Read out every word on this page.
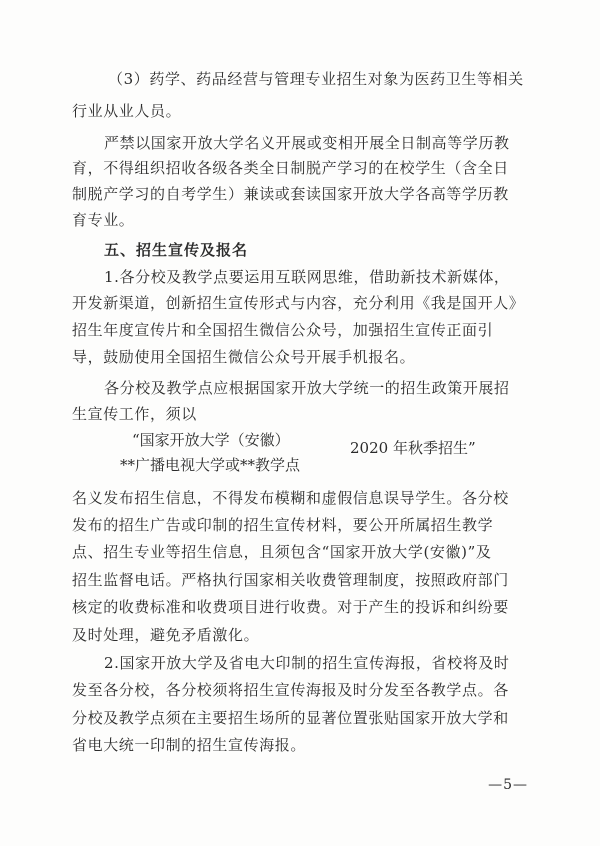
（3）药学、药品经营与管理专业招生对象为医药卫生等相关
行业从业人员。
严禁以国家开放大学名义开展或变相开展全日制高等学历教
育，不得组织招收各级各类全日制脱产学习的在校学生（含全日
制脱产学习的自考学生）兼读或套读国家开放大学各高等学历教
育专业。
五、招生宣传及报名
1.各分校及教学点要运用互联网思维，借助新技术新媒体，
开发新渠道，创新招生宣传形式与内容，充分利用《我是国开人》
招生年度宣传片和全国招生微信公众号，加强招生宣传正面引
导，鼓励使用全国招生微信公众号开展手机报名。
各分校及教学点应根据国家开放大学统一的招生政策开展招
生宣传工作，须以
“国家开放大学（安徽）
**广播电视大学或**教学点
2020 年秋季招生”
名义发布招生信息，不得发布模糊和虚假信息误导学生。各分校
发布的招生广告或印制的招生宣传材料，要公开所属招生教学
点、招生专业等招生信息，且须包含“国家开放大学(安徽)”及
招生监督电话。严格执行国家相关收费管理制度，按照政府部门
核定的收费标准和收费项目进行收费。对于产生的投诉和纠纷要
及时处理，避免矛盾激化。
2.国家开放大学及省电大印制的招生宣传海报，省校将及时
发至各分校，各分校须将招生宣传海报及时分发至各教学点。各
分校及教学点须在主要招生场所的显著位置张贴国家开放大学和
省电大统一印制的招生宣传海报。
—5—
